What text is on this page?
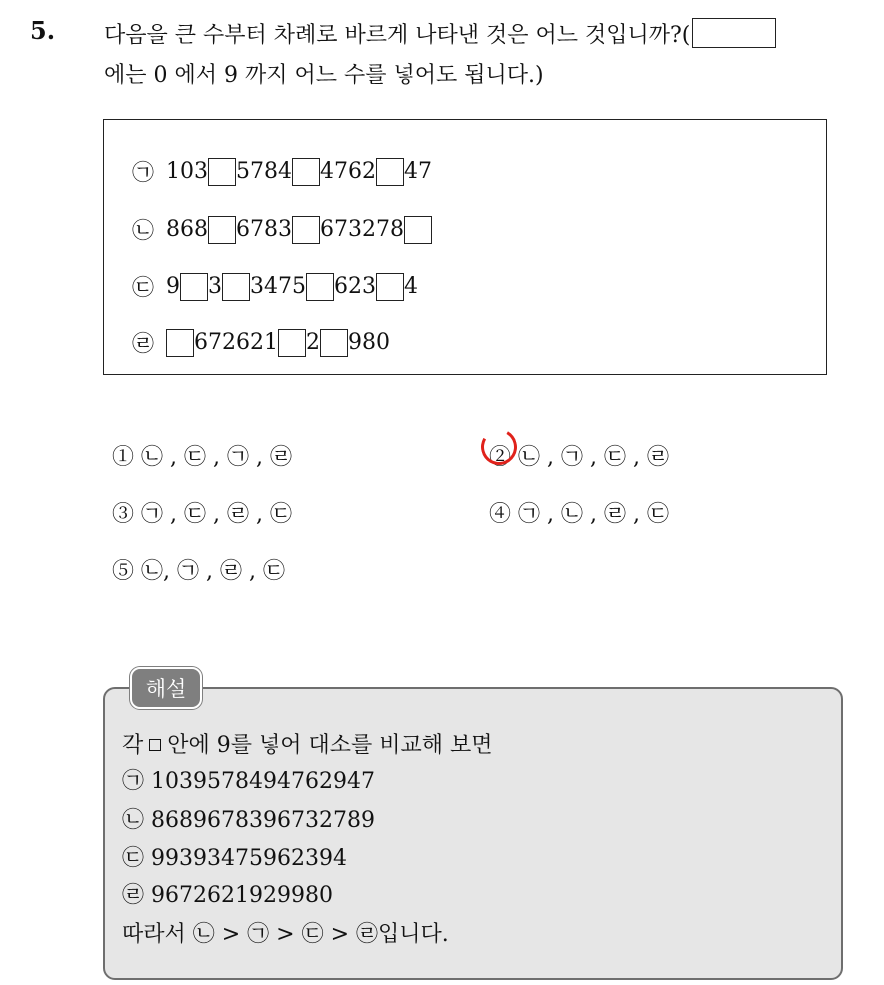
5. 다음을 큰 수부터 차례로 바르게 나타낸 것은 어느 것입니까?(
에는 0 에서 9 까지 어느 수를 넣어도 됩니다.)
㉠ 103 5784 4762 47
㉡ 868 6783 673278
㉢ 9 3 3475 623 4
㉣ 672621 2 980
① ㉡ , ㉢ , ㉠ , ㉣	② ㉡ , ㉠ , ㉢ , ㉣
③ ㉠ , ㉢ , ㉣ , ㉢	④ ㉠ , ㉡ , ㉣ , ㉢
⑤ ㉡, ㉠ , ㉣ , ㉢
해설
각 안에 9를 넣어 대소를 비교해 보면
㉠ 1039578494762947
㉡ 8689678396732789
㉢ 99393475962394
㉣ 9672621929980
따라서 ㉡ > ㉠ > ㉢ > ㉣입니다.
